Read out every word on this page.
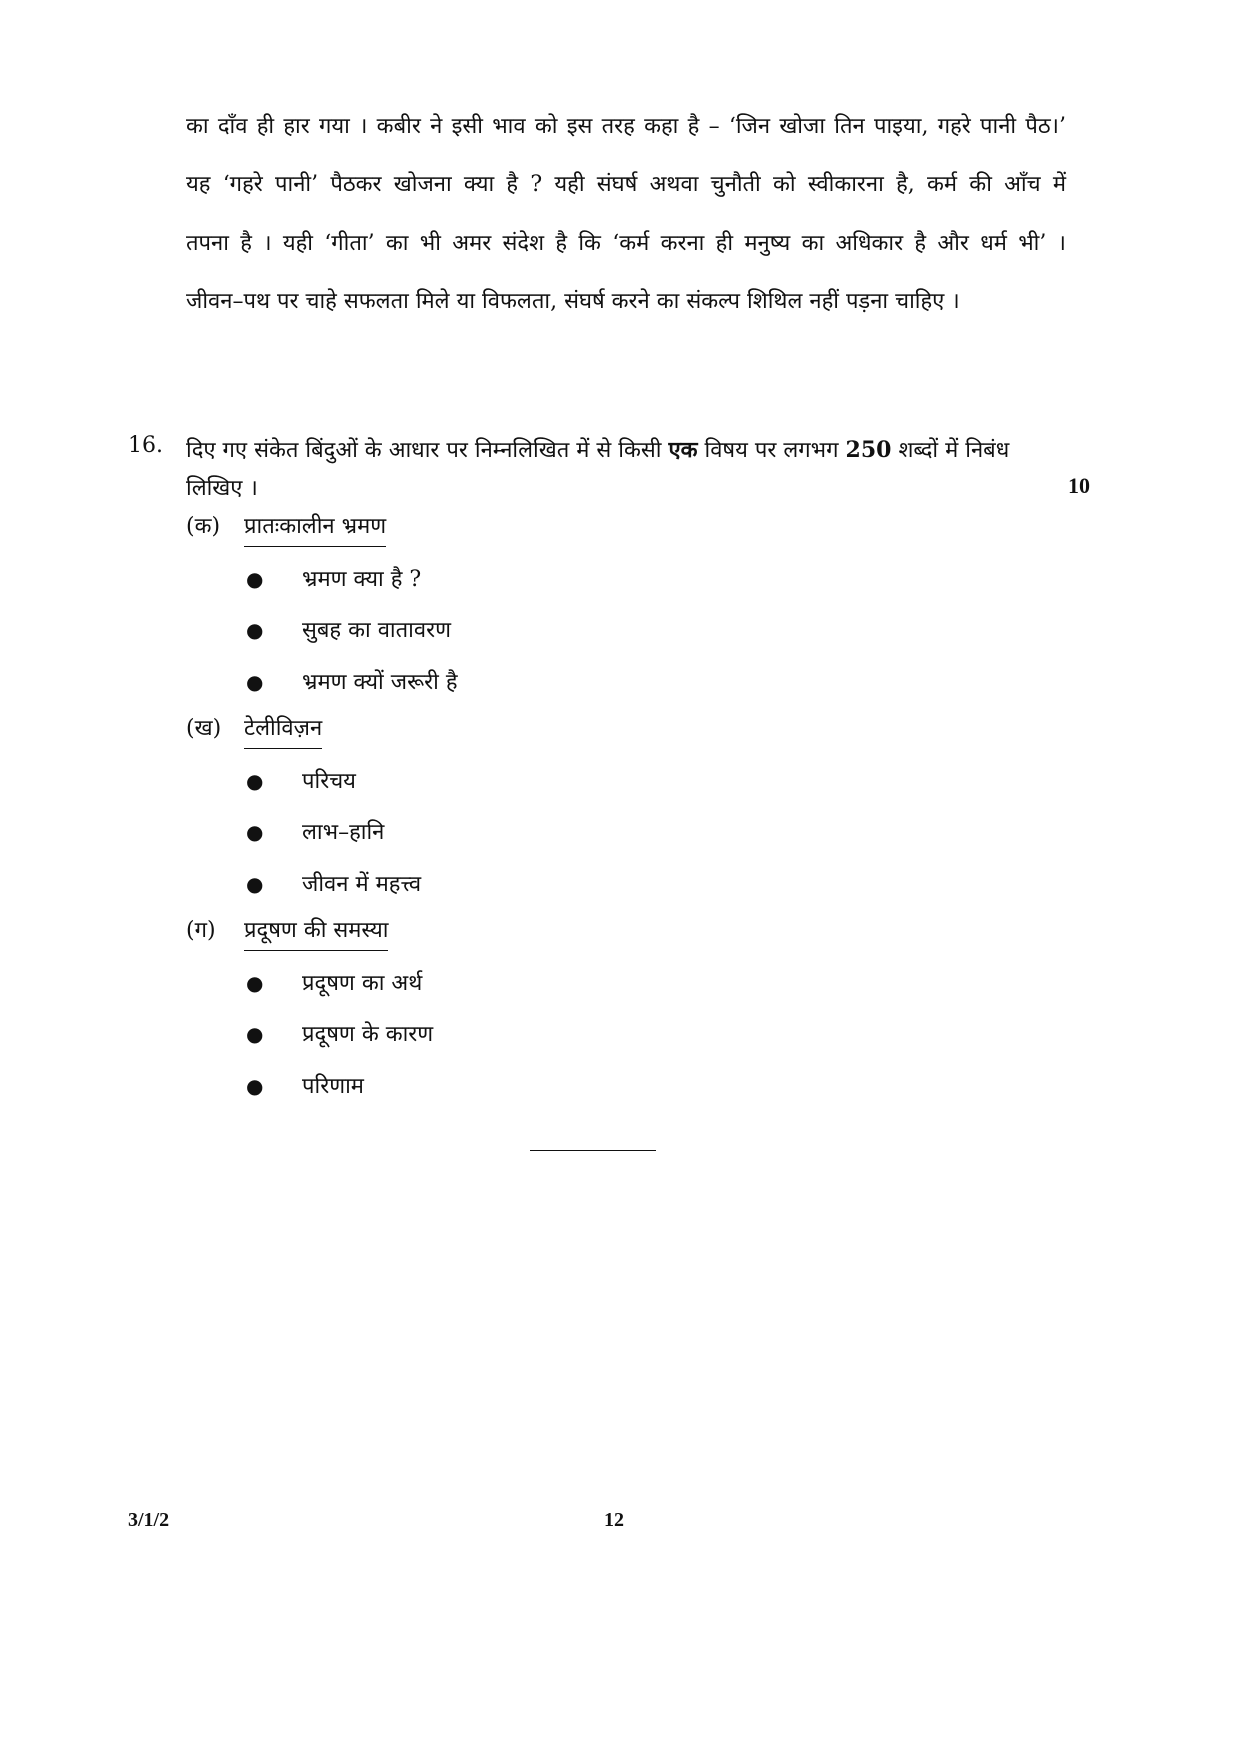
का दाँव ही हार गया । कबीर ने इसी भाव को इस तरह कहा है – ‘जिन खोजा तिन पाइया, गहरे पानी पैठ।’
यह ‘गहरे पानी’ पैठकर खोजना क्या है ? यही संघर्ष अथवा चुनौती को स्वीकारना है, कर्म की आँच में
तपना है । यही ‘गीता’ का भी अमर संदेश है कि ‘कर्म करना ही मनुष्य का अधिकार है और धर्म भी’ ।
जीवन–पथ पर चाहे सफलता मिले या विफलता, संघर्ष करने का संकल्प शिथिल नहीं पड़ना चाहिए ।
16. दिए गए संकेत बिंदुओं के आधार पर निम्नलिखित में से किसी एक विषय पर लगभग 250 शब्दों में निबंध लिखिए ।	10
(क) प्रातःकालीन भ्रमण
● भ्रमण क्या है ?
● सुबह का वातावरण
● भ्रमण क्यों जरूरी है
(ख) टेलीविज़न
● परिचय
● लाभ–हानि
● जीवन में महत्त्व
(ग) प्रदूषण की समस्या
● प्रदूषण का अर्थ
● प्रदूषण के कारण
● परिणाम
3/1/2	12
